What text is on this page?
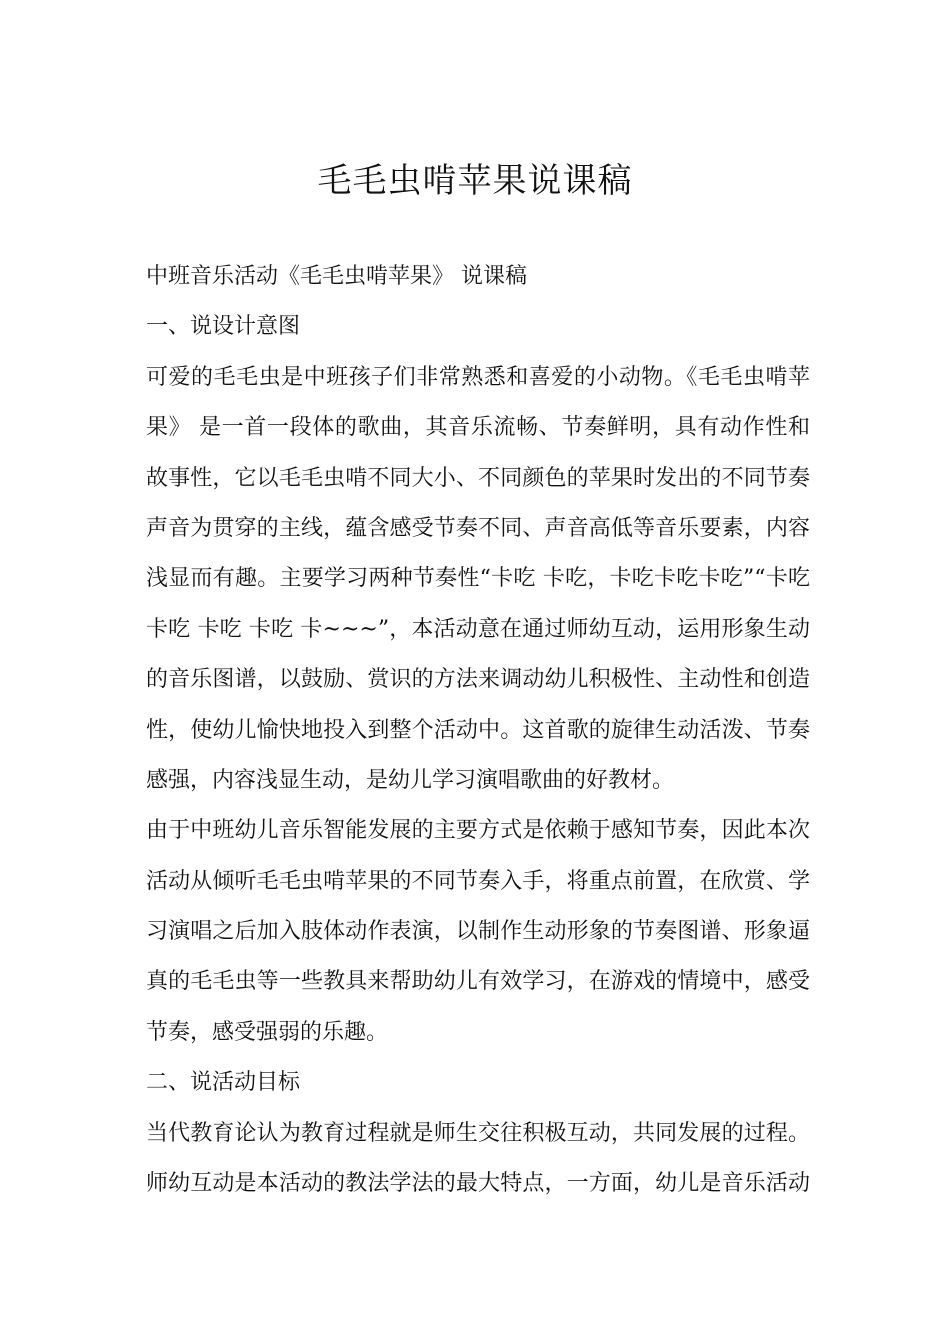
毛毛虫啃苹果说课稿
中班音乐活动《毛毛虫啃苹果》 说课稿
一、说设计意图
可爱的毛毛虫是中班孩子们非常熟悉和喜爱的小动物。《毛毛虫啃苹
果》 是一首一段体的歌曲，其音乐流畅、节奏鲜明，具有动作性和
故事性，它以毛毛虫啃不同大小、不同颜色的苹果时发出的不同节奏
声音为贯穿的主线，蕴含感受节奏不同、声音高低等音乐要素，内容
浅显而有趣。主要学习两种节奏性“卡吃 卡吃，卡吃卡吃卡吃”“卡吃
卡吃 卡吃 卡吃 卡~~~”，本活动意在通过师幼互动，运用形象生动
的音乐图谱，以鼓励、赏识的方法来调动幼儿积极性、主动性和创造
性，使幼儿愉快地投入到整个活动中。这首歌的旋律生动活泼、节奏
感强，内容浅显生动，是幼儿学习演唱歌曲的好教材。
由于中班幼儿音乐智能发展的主要方式是依赖于感知节奏，因此本次
活动从倾听毛毛虫啃苹果的不同节奏入手，将重点前置，在欣赏、学
习演唱之后加入肢体动作表演，以制作生动形象的节奏图谱、形象逼
真的毛毛虫等一些教具来帮助幼儿有效学习，在游戏的情境中，感受
节奏，感受强弱的乐趣。
二、说活动目标
当代教育论认为教育过程就是师生交往积极互动，共同发展的过程。
师幼互动是本活动的教法学法的最大特点，一方面，幼儿是音乐活动
